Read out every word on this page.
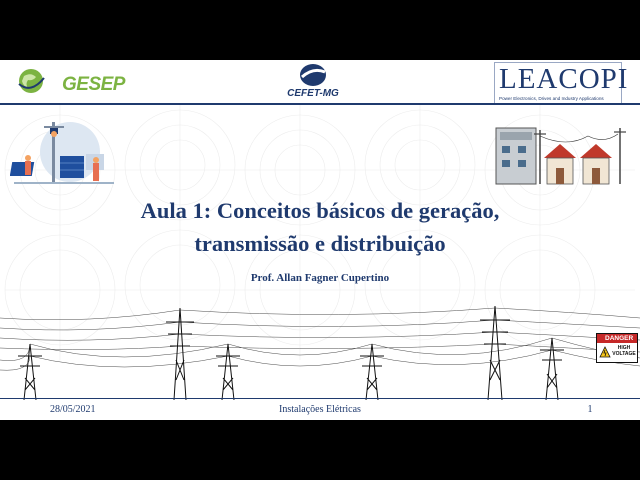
GESEP	CEFET-MG	LEACOPI
Power Electronics, Drives and Industry Applications
Aula 1: Conceitos básicos de geração,
transmissão e distribuição
Prof. Allan Fagner Cupertino
DANGER
HIGH
VOLTAGE
28/05/2021	Instalações Elétricas	1
